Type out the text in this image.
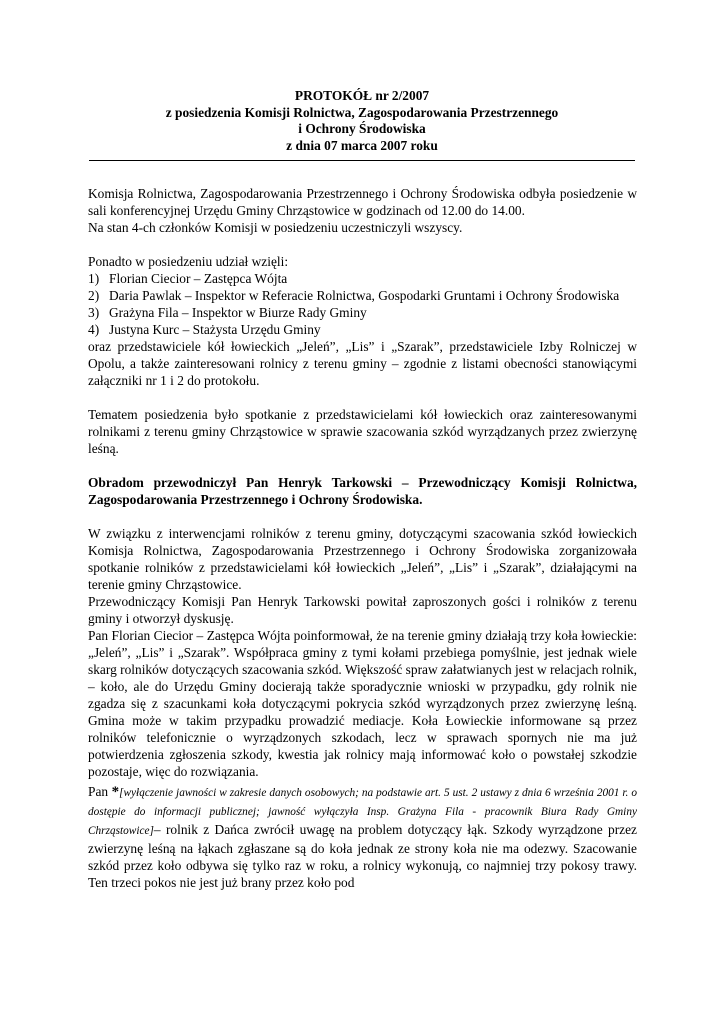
PROTOKÓŁ nr 2/2007
z posiedzenia Komisji Rolnictwa, Zagospodarowania Przestrzennego
i Ochrony Środowiska
z dnia 07 marca 2007 roku

Komisja Rolnictwa, Zagospodarowania Przestrzennego i Ochrony Środowiska odbyła posiedzenie w sali konferencyjnej Urzędu Gminy Chrząstowice w godzinach od 12.00 do 14.00.

Na stan 4-ch członków Komisji w posiedzeniu uczestniczyli wszyscy.

Ponadto w posiedzeniu udział wzięli:

1) Florian Ciecior – Zastępca Wójta
2) Daria Pawlak – Inspektor w Referacie Rolnictwa, Gospodarki Gruntami i Ochrony Środowiska
3) Grażyna Fila – Inspektor w Biurze Rady Gminy
4) Justyna Kurc – Stażysta Urzędu Gminy

oraz przedstawiciele kół łowieckich „Jeleń”, „Lis” i „Szarak”, przedstawiciele Izby Rolniczej w Opolu, a także zainteresowani rolnicy z terenu gminy – zgodnie z listami obecności stanowiącymi załączniki nr 1 i 2 do protokołu.

Tematem posiedzenia było spotkanie z przedstawicielami kół łowieckich oraz zainteresowanymi rolnikami z terenu gminy Chrząstowice w sprawie szacowania szkód wyrządzanych przez zwierzynę leśną.

Obradom przewodniczył Pan Henryk Tarkowski – Przewodniczący Komisji Rolnictwa, Zagospodarowania Przestrzennego i Ochrony Środowiska.

W związku z interwencjami rolników z terenu gminy, dotyczącymi szacowania szkód łowieckich Komisja Rolnictwa, Zagospodarowania Przestrzennego i Ochrony Środowiska zorganizowała spotkanie rolników z przedstawicielami kół łowieckich „Jeleń”, „Lis” i „Szarak”, działającymi na terenie gminy Chrząstowice.

Przewodniczący Komisji Pan Henryk Tarkowski powitał zaproszonych gości i rolników z terenu gminy i otworzył dyskusję.

Pan Florian Ciecior – Zastępca Wójta poinformował, że na terenie gminy działają trzy koła łowieckie: „Jeleń”, „Lis” i „Szarak”. Współpraca gminy z tymi kołami przebiega pomyślnie, jest jednak wiele skarg rolników dotyczących szacowania szkód. Większość spraw załatwianych jest w relacjach rolnik, – koło, ale do Urzędu Gminy docierają także sporadycznie wnioski w przypadku, gdy rolnik nie zgadza się z szacunkami koła dotyczącymi pokrycia szkód wyrządzonych przez zwierzynę leśną. Gmina może w takim przypadku prowadzić mediacje. Koła Łowieckie informowane są przez rolników telefonicznie o wyrządzonych szkodach, lecz w sprawach spornych nie ma już potwierdzenia zgłoszenia szkody, kwestia jak rolnicy mają informować koło o powstałej szkodzie pozostaje, więc do rozwiązania.

Pan *[wyłączenie jawności w zakresie danych osobowych; na podstawie art. 5 ust. 2 ustawy z dnia 6 września 2001 r. o dostępie do informacji publicznej; jawność wyłączyła Insp. Grażyna Fila - pracownik Biura Rady Gminy Chrząstowice]– rolnik z Dańca zwrócił uwagę na problem dotyczący łąk. Szkody wyrządzone przez zwierzynę leśną na łąkach zgłaszane są do koła jednak ze strony koła nie ma odezwy. Szacowanie szkód przez koło odbywa się tylko raz w roku, a rolnicy wykonują, co najmniej trzy pokosy trawy. Ten trzeci pokos nie jest już brany przez koło pod
